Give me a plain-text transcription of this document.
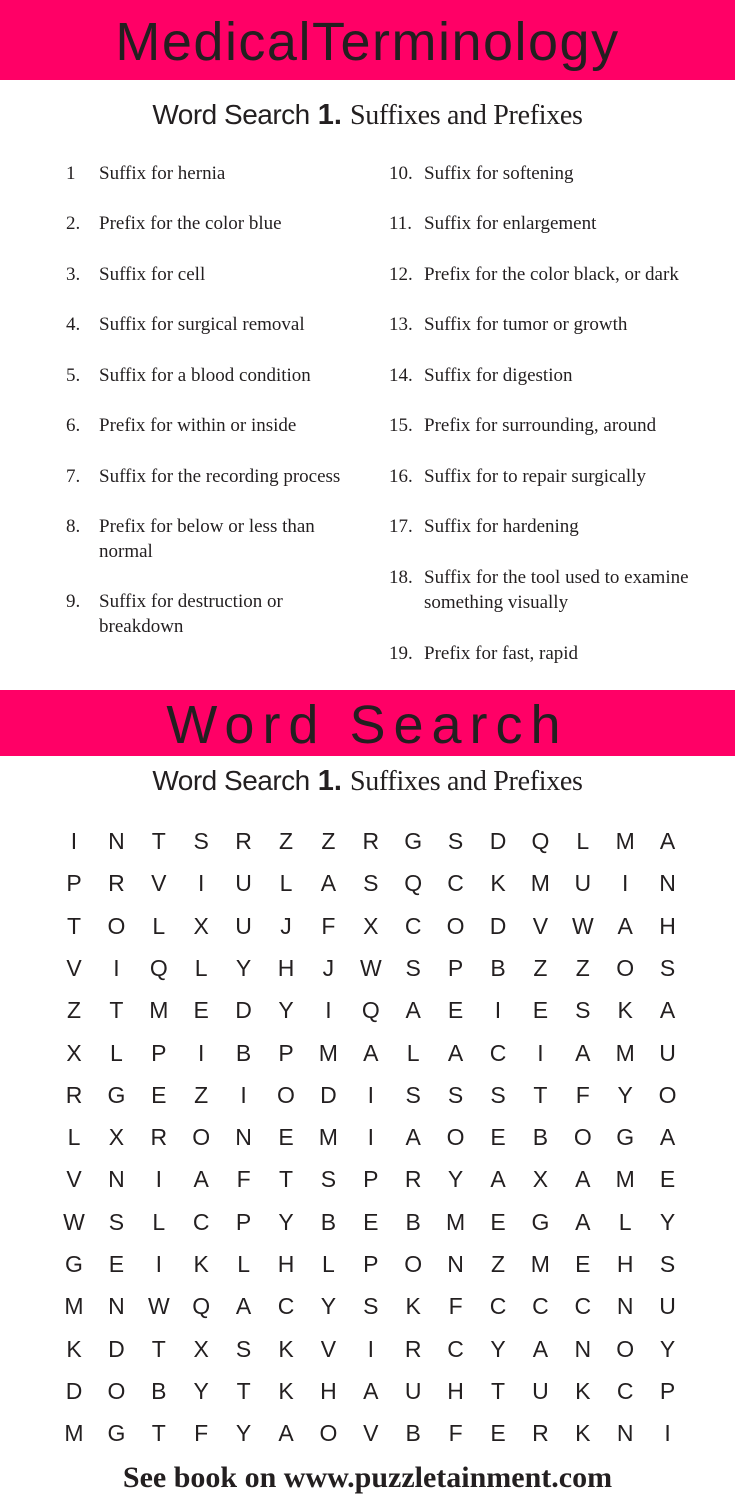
MedicalTerminology
Word Search 1. Suffixes and Prefixes
1 Suffix for hernia
2. Prefix for the color blue
3. Suffix for cell
4. Suffix for surgical removal
5. Suffix for a blood condition
6. Prefix for within or inside
7. Suffix for the recording process
8. Prefix for below or less than normal
9. Suffix for destruction or breakdown
10. Suffix for softening
11. Suffix for enlargement
12. Prefix for the color black, or dark
13. Suffix for tumor or growth
14. Suffix for digestion
15. Prefix for surrounding, around
16. Suffix for to repair surgically
17. Suffix for hardening
18. Suffix for the tool used to examine something visually
19. Prefix for fast, rapid
Word Search
Word Search 1. Suffixes and Prefixes
I	N	T	S	R	Z	Z	R	G	S	D	Q	L	M	A
P	R	V	I	U	L	A	S	Q	C	K	M	U	I	N
T	O	L	X	U	J	F	X	C	O	D	V	W	A	H
V	I	Q	L	Y	H	J	W	S	P	B	Z	Z	O	S
Z	T	M	E	D	Y	I	Q	A	E	I	E	S	K	A
X	L	P	I	B	P	M	A	L	A	C	I	A	M	U
R	G	E	Z	I	O	D	I	S	S	S	T	F	Y	O
L	X	R	O	N	E	M	I	A	O	E	B	O	G	A
V	N	I	A	F	T	S	P	R	Y	A	X	A	M	E
W	S	L	C	P	Y	B	E	B	M	E	G	A	L	Y
G	E	I	K	L	H	L	P	O	N	Z	M	E	H	S
M	N	W Q	A	C	Y	S	K	F	C	C	C	N	U
K	D	T	X	S	K	V	I	R	C	Y	A	N	O	Y
D	O	B	Y	T	K	H	A	U	H	T	U	K	C	P
M	G	T	F	Y	A	O	V	B	F	E	R	K	N	I
See book on www.puzzletainment.com
